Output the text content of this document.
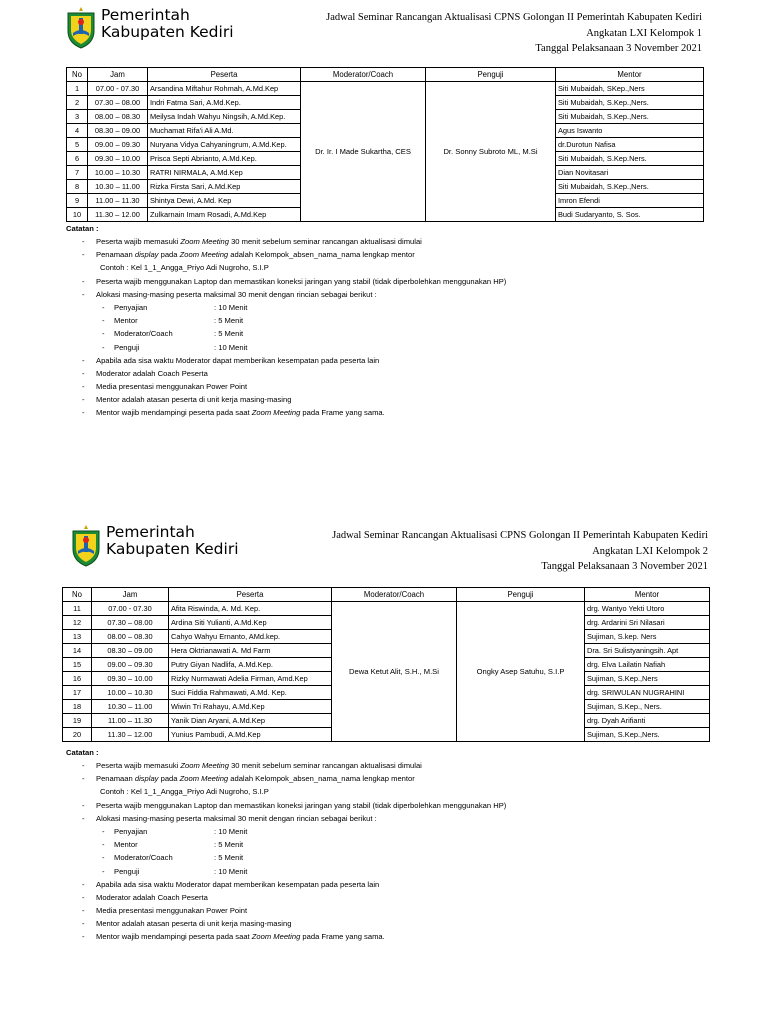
Pemerintah
Kabupaten Kediri
Jadwal Seminar Rancangan Aktualisasi CPNS Golongan II Pemerintah Kabupaten Kediri
Angkatan LXI Kelompok 1
Tanggal Pelaksanaan 3 November 2021
No	Jam	Peserta	Moderator/Coach	Penguji	Mentor
1	07.00 - 07.30	Arsandina Miftahur Rohmah, A.Md.Kep	Dr. Ir. I Made Sukartha, CES	Dr. Sonny Subroto ML, M.Si	Siti Mubaidah, SKep.,Ners
2	07.30 – 08.00	Indri Fatma Sari, A.Md.Kep.			Siti Mubaidah, S.Kep.,Ners.
3	08.00 – 08.30	Meilysa Indah Wahyu Ningsih, A.Md.Kep.			Siti Mubaidah, S.Kep.,Ners.
4	08.30 – 09.00	Muchamat Rifa'i Ali A.Md.			Agus Iswanto
5	09.00 – 09.30	Nuryana Vidya Cahyaningrum, A.Md.Kep.			dr.Durotun Nafisa
6	09.30 – 10.00	Prisca Septi Abrianto, A.Md.Kep.			Siti Mubaidah, S.Kep.Ners.
7	10.00 – 10.30	RATRI NIRMALA, A.Md.Kep			Dian Novitasari
8	10.30 – 11.00	Rizka Firsta Sari, A.Md.Kep			Siti Mubaidah, S.Kep.,Ners.
9	11.00 – 11.30	Shintya Dewi, A.Md. Kep			Imron Efendi
10	11.30 – 12.00	Zulkarnain Imam Rosadi, A.Md.Kep			Budi Sudaryanto, S. Sos.
Catatan :
- Peserta wajib memasuki Zoom Meeting 30 menit sebelum seminar rancangan aktualisasi dimulai
- Penamaan display pada Zoom Meeting adalah Kelompok_absen_nama_nama lengkap mentor
Contoh : Kel 1_1_Angga_Priyo Adi Nugroho, S.I.P
- Peserta wajib menggunakan Laptop dan memastikan koneksi jaringan yang stabil (tidak diperbolehkan menggunakan HP)
- Alokasi masing-masing peserta maksimal 30 menit dengan rincian sebagai berikut :
- Penyajian	: 10 Menit
- Mentor	: 5 Menit
- Moderator/Coach	: 5 Menit
- Penguji	: 10 Menit
- Apabila ada sisa waktu Moderator dapat memberikan kesempatan pada peserta lain
- Moderator adalah Coach Peserta
- Media presentasi menggunakan Power Point
- Mentor adalah atasan peserta di unit kerja masing-masing
- Mentor wajib mendampingi peserta pada saat Zoom Meeting pada Frame yang sama.
Pemerintah
Kabupaten Kediri
Jadwal Seminar Rancangan Aktualisasi CPNS Golongan II Pemerintah Kabupaten Kediri
Angkatan LXI Kelompok 2
Tanggal Pelaksanaan 3 November 2021
No	Jam	Peserta	Moderator/Coach	Penguji	Mentor
11	07.00 - 07.30	Afita Riswinda, A. Md. Kep.	Dewa Ketut Alit, S.H., M.Si	Ongky Asep Satuhu, S.I.P	drg. Wantyo Yekti Utoro
12	07.30 – 08.00	Ardina Siti Yulianti, A.Md.Kep			drg. Ardarini Sri Nilasari
13	08.00 – 08.30	Cahyo Wahyu Ernanto, AMd.kep.			Sujiman, S.kep. Ners
14	08.30 – 09.00	Hera Oktrianawati A. Md Farm			Dra. Sri Sulistyaningsih. Apt
15	09.00 – 09.30	Putry Giyan Nadlifa, A.Md.Kep.			drg. Elva Lailatin Nafiah
16	09.30 – 10.00	Rizky Nurmawati Adelia Firman, Amd.Kep			Sujiman, S.Kep.,Ners
17	10.00 – 10.30	Suci Fiddia Rahmawati, A.Md. Kep.			drg. SRIWULAN NUGRAHINI
18	10.30 – 11.00	Wiwin Tri Rahayu, A.Md.Kep			Sujiman, S.Kep., Ners.
19	11.00 – 11.30	Yanik Dian Aryani, A.Md.Kep			drg. Dyah Arifianti
20	11.30 – 12.00	Yunius Pambudi, A.Md.Kep			Sujiman, S.Kep.,Ners.
Catatan :
- Peserta wajib memasuki Zoom Meeting 30 menit sebelum seminar rancangan aktualisasi dimulai
- Penamaan display pada Zoom Meeting adalah Kelompok_absen_nama_nama lengkap mentor
Contoh : Kel 1_1_Angga_Priyo Adi Nugroho, S.I.P
- Peserta wajib menggunakan Laptop dan memastikan koneksi jaringan yang stabil (tidak diperbolehkan menggunakan HP)
- Alokasi masing-masing peserta maksimal 30 menit dengan rincian sebagai berikut :
- Penyajian	: 10 Menit
- Mentor	: 5 Menit
- Moderator/Coach	: 5 Menit
- Penguji	: 10 Menit
- Apabila ada sisa waktu Moderator dapat memberikan kesempatan pada peserta lain
- Moderator adalah Coach Peserta
- Media presentasi menggunakan Power Point
- Mentor adalah atasan peserta di unit kerja masing-masing
- Mentor wajib mendampingi peserta pada saat Zoom Meeting pada Frame yang sama.
